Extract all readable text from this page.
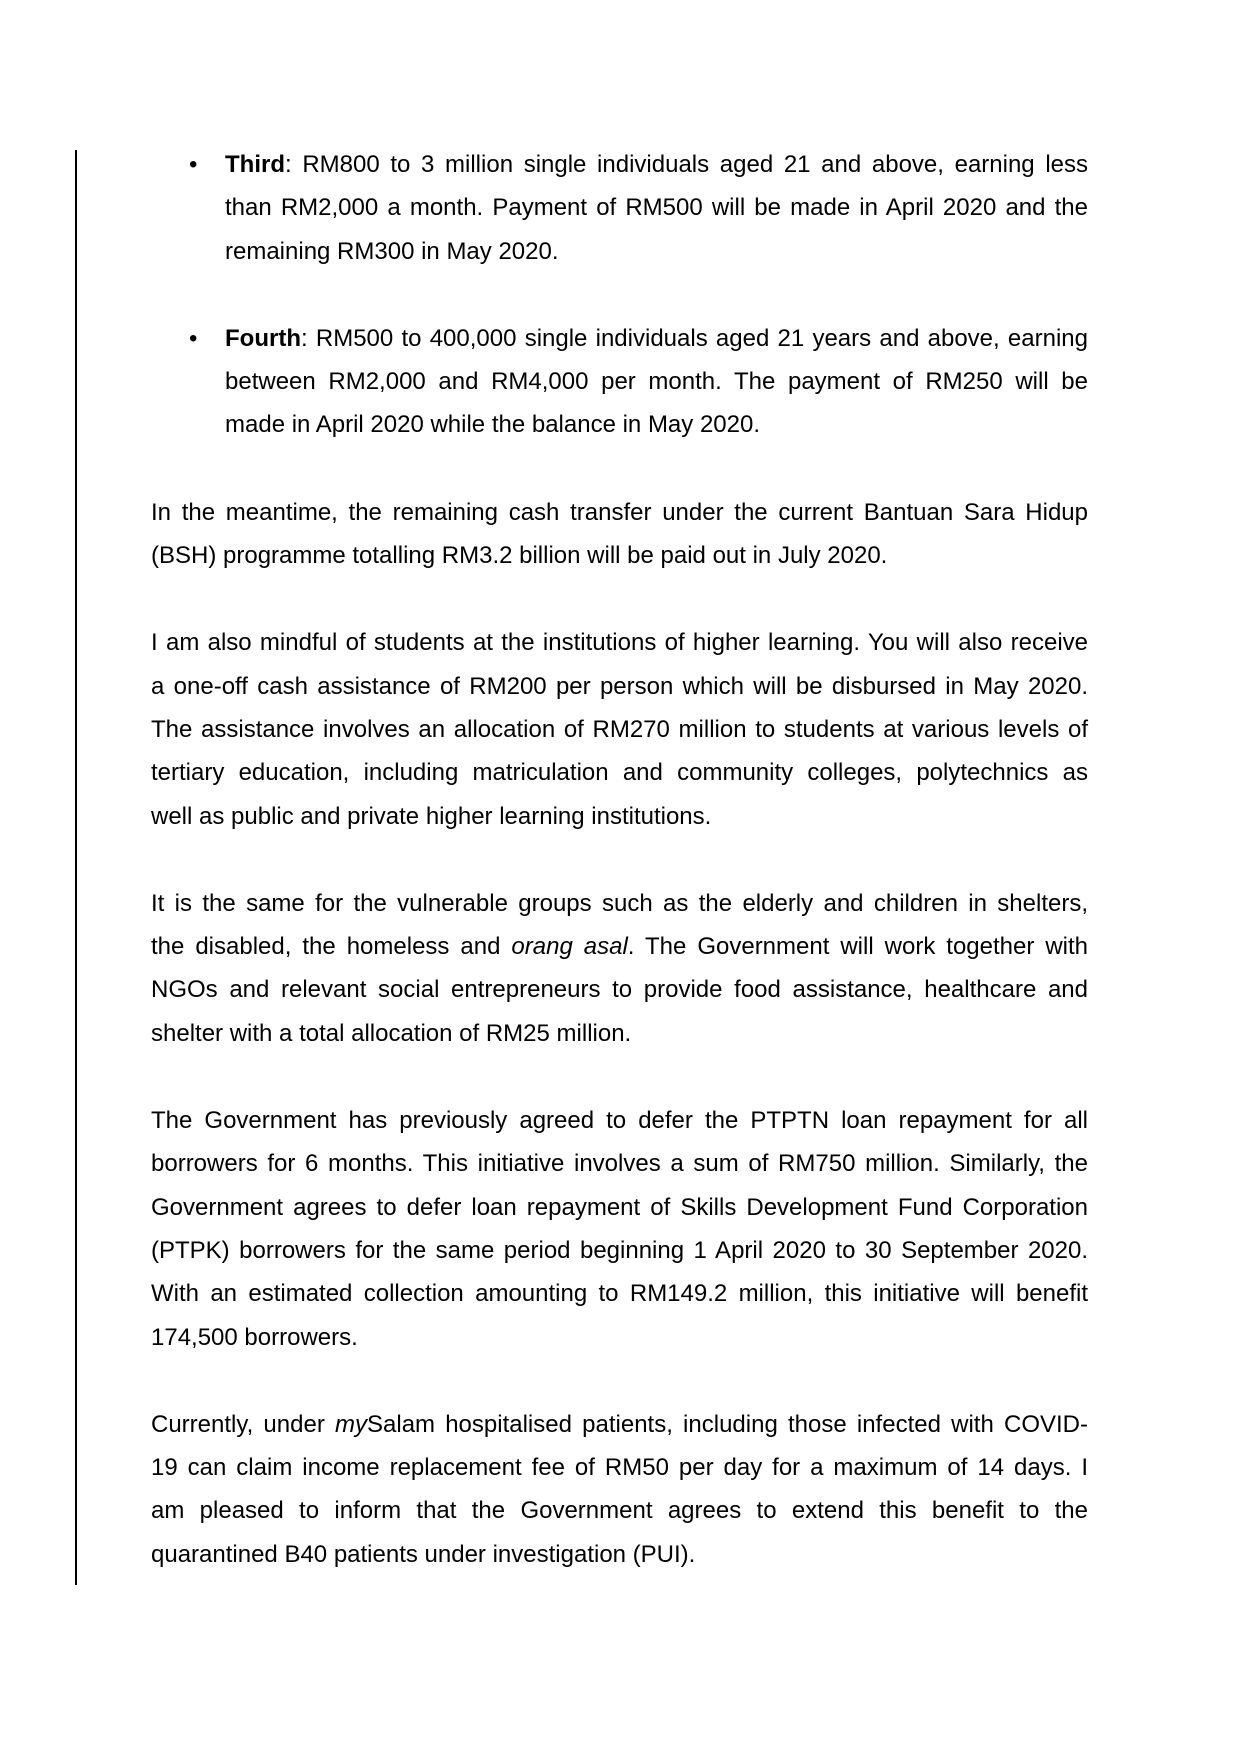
• Third: RM800 to 3 million single individuals aged 21 and above, earning less
than RM2,000 a month. Payment of RM500 will be made in April 2020 and the
remaining RM300 in May 2020.
• Fourth: RM500 to 400,000 single individuals aged 21 years and above, earning
between RM2,000 and RM4,000 per month. The payment of RM250 will be
made in April 2020 while the balance in May 2020.
In the meantime, the remaining cash transfer under the current Bantuan Sara Hidup
(BSH) programme totalling RM3.2 billion will be paid out in July 2020.
I am also mindful of students at the institutions of higher learning. You will also receive
a one-off cash assistance of RM200 per person which will be disbursed in May 2020.
The assistance involves an allocation of RM270 million to students at various levels of
tertiary education, including matriculation and community colleges, polytechnics as
well as public and private higher learning institutions.
It is the same for the vulnerable groups such as the elderly and children in shelters,
the disabled, the homeless and orang asal. The Government will work together with
NGOs and relevant social entrepreneurs to provide food assistance, healthcare and
shelter with a total allocation of RM25 million.
The Government has previously agreed to defer the PTPTN loan repayment for all
borrowers for 6 months. This initiative involves a sum of RM750 million. Similarly, the
Government agrees to defer loan repayment of Skills Development Fund Corporation
(PTPK) borrowers for the same period beginning 1 April 2020 to 30 September 2020.
With an estimated collection amounting to RM149.2 million, this initiative will benefit
174,500 borrowers.
Currently, under mySalam hospitalised patients, including those infected with COVID-
19 can claim income replacement fee of RM50 per day for a maximum of 14 days. I
am pleased to inform that the Government agrees to extend this benefit to the
quarantined B40 patients under investigation (PUI).
